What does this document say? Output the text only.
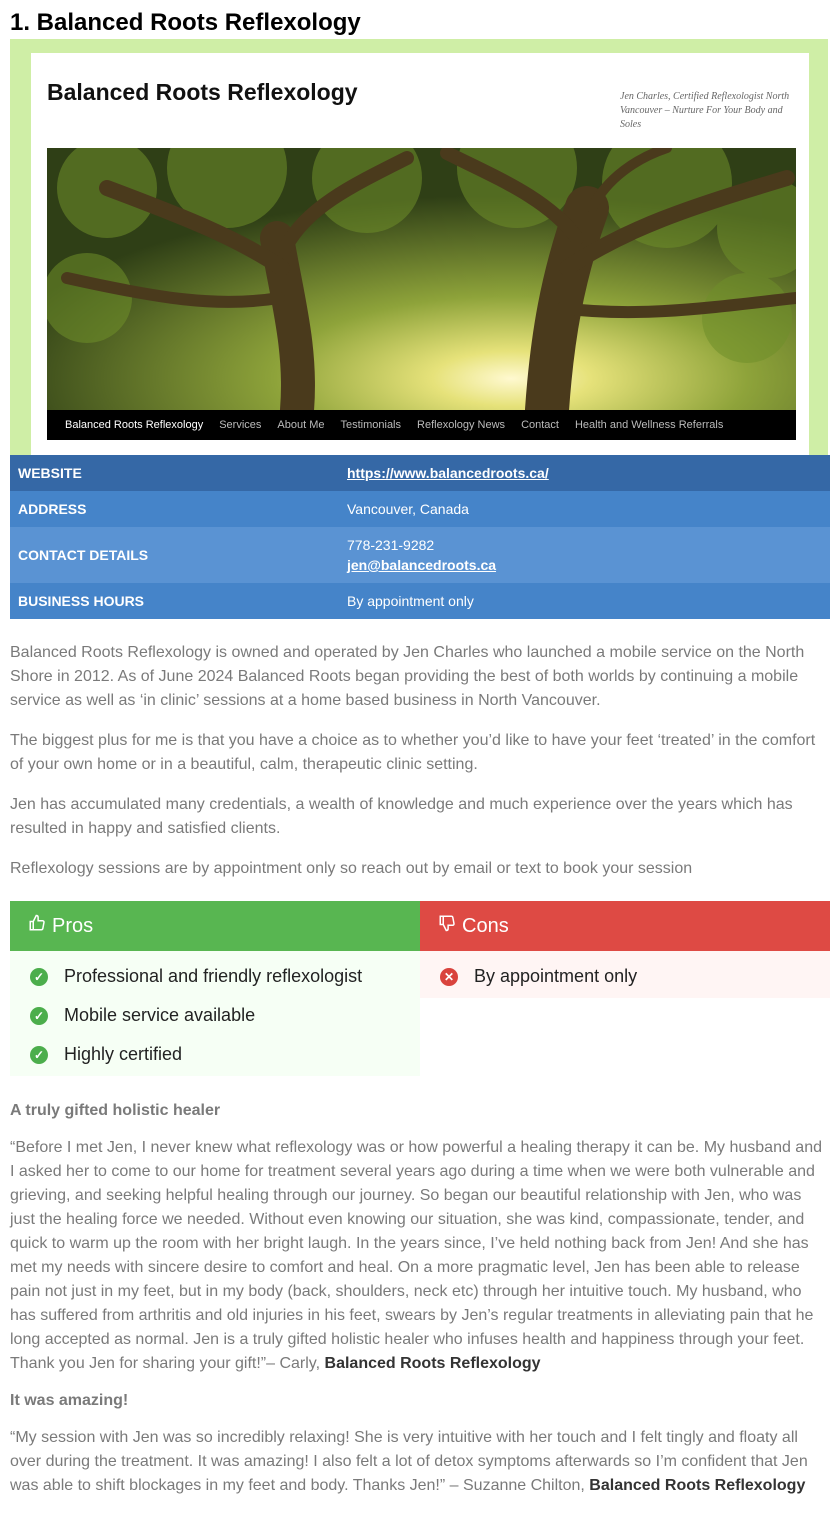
1. Balanced Roots Reflexology
Balanced Roots Reflexology	Jen Charles, Certified Reflexologist North Vancouver – Nurture For Your Body and Soles
Balanced Roots Reflexology Services About Me Testimonials Reflexology News Contact Health and Wellness Referrals
WEBSITE	https://www.balancedroots.ca/
ADDRESS	Vancouver, Canada
CONTACT DETAILS	778-231-9282
jen@balancedroots.ca
BUSINESS HOURS	By appointment only

Balanced Roots Reflexology is owned and operated by Jen Charles who launched a mobile service on the North Shore in 2012. As of June 2024 Balanced Roots began providing the best of both worlds by continuing a mobile service as well as ‘in clinic’ sessions at a home based business in North Vancouver.

The biggest plus for me is that you have a choice as to whether you’d like to have your feet ‘treated’ in the comfort of your own home or in a beautiful, calm, therapeutic clinic setting.

Jen has accumulated many credentials, a wealth of knowledge and much experience over the years which has resulted in happy and satisfied clients.

Reflexology sessions are by appointment only so reach out by email or text to book your session

Pros
✓ Professional and friendly reflexologist
✓ Mobile service available
✓ Highly certified
Cons
✕ By appointment only
A truly gifted holistic healer

“Before I met Jen, I never knew what reflexology was or how powerful a healing therapy it can be. My husband and I asked her to come to our home for treatment several years ago during a time when we were both vulnerable and grieving, and seeking helpful healing through our journey. So began our beautiful relationship with Jen, who was just the healing force we needed. Without even knowing our situation, she was kind, compassionate, tender, and quick to warm up the room with her bright laugh. In the years since, I’ve held nothing back from Jen! And she has met my needs with sincere desire to comfort and heal. On a more pragmatic level, Jen has been able to release pain not just in my feet, but in my body (back, shoulders, neck etc) through her intuitive touch. My husband, who has suffered from arthritis and old injuries in his feet, swears by Jen’s regular treatments in alleviating pain that he long accepted as normal. Jen is a truly gifted holistic healer who infuses health and happiness through your feet. Thank you Jen for sharing your gift!”– Carly, Balanced Roots Reflexology

It was amazing!

“My session with Jen was so incredibly relaxing! She is very intuitive with her touch and I felt tingly and floaty all over during the treatment. It was amazing! I also felt a lot of detox symptoms afterwards so I’m confident that Jen was able to shift blockages in my feet and body. Thanks Jen!” – Suzanne Chilton, Balanced Roots Reflexology
